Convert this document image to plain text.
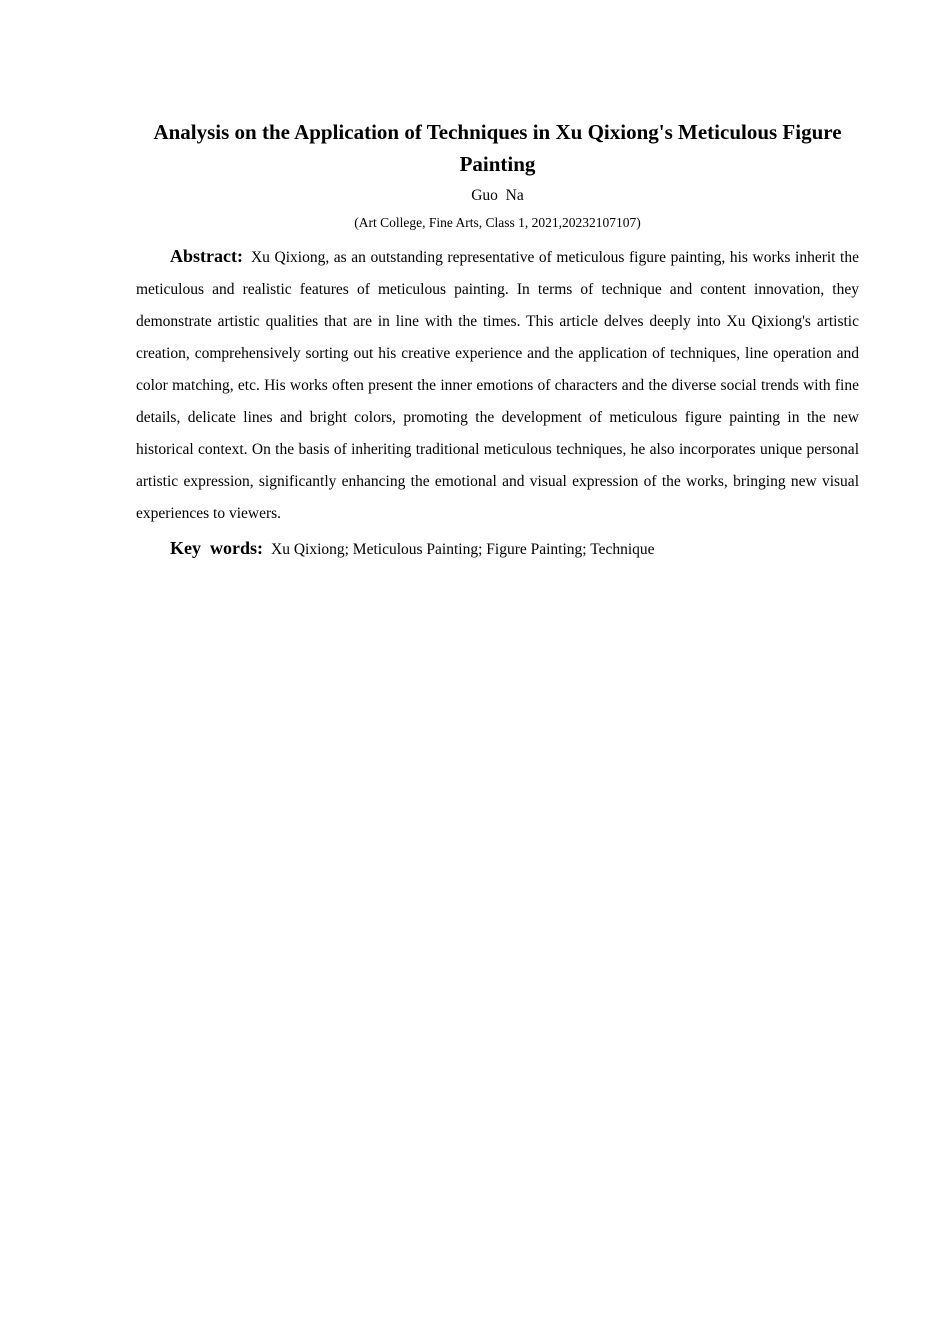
Analysis on the Application of Techniques in Xu Qixiong's Meticulous Figure Painting

Guo  Na

(Art College, Fine Arts, Class 1, 2021,20232107107)

Abstract: Xu Qixiong, as an outstanding representative of meticulous figure painting, his works inherit the meticulous and realistic features of meticulous painting. In terms of technique and content innovation, they demonstrate artistic qualities that are in line with the times. This article delves deeply into Xu Qixiong's artistic creation, comprehensively sorting out his creative experience and the application of techniques, line operation and color matching, etc. His works often present the inner emotions of characters and the diverse social trends with fine details, delicate lines and bright colors, promoting the development of meticulous figure painting in the new historical context. On the basis of inheriting traditional meticulous techniques, he also incorporates unique personal artistic expression, significantly enhancing the emotional and visual expression of the works, bringing new visual experiences to viewers.

Key  words: Xu Qixiong; Meticulous Painting; Figure Painting; Technique
